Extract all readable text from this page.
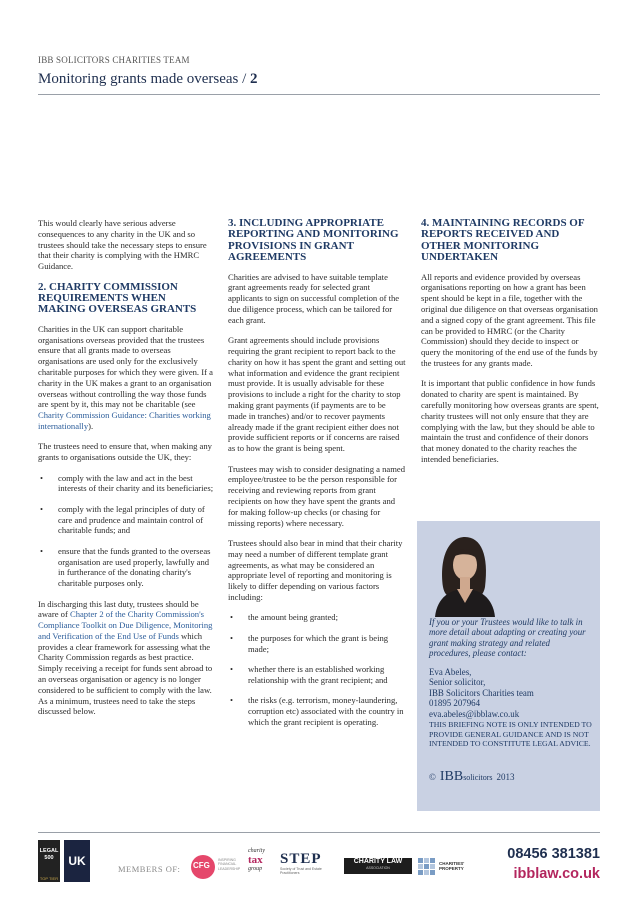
IBB SOLICITORS CHARITIES TEAM
Monitoring grants made overseas / 2

This would clearly have serious adverse consequences to any charity in the UK and so trustees should take the necessary steps to ensure that their charity is complying with the HMRC Guidance.

2. CHARITY COMMISSION REQUIREMENTS WHEN MAKING OVERSEAS GRANTS

Charities in the UK can support charitable organisations overseas provided that the trustees ensure that all grants made to overseas organisations are used only for the exclusively charitable purposes for which they were given. If a charity in the UK makes a grant to an organisation overseas without controlling the way those funds are spent by it, this may not be charitable (see Charity Commission Guidance: Charities working internationally).

The trustees need to ensure that, when making any grants to organisations outside the UK, they:

• comply with the law and act in the best interests of their charity and its beneficiaries;
• comply with the legal principles of duty of care and prudence and maintain control of charitable funds; and
• ensure that the funds granted to the overseas organisation are used properly, lawfully and in furtherance of the donating charity's charitable purposes only.

In discharging this last duty, trustees should be aware of Chapter 2 of the Charity Commission's Compliance Toolkit on Due Diligence, Monitoring and Verification of the End Use of Funds which provides a clear framework for assessing what the Charity Commission regards as best practice. Simply receiving a receipt for funds sent abroad to an overseas organisation or agency is no longer considered to be sufficient to comply with the law. As a minimum, trustees need to take the steps discussed below.

3. INCLUDING APPROPRIATE REPORTING AND MONITORING PROVISIONS IN GRANT AGREEMENTS

Charities are advised to have suitable template grant agreements ready for selected grant applicants to sign on successful completion of the due diligence process, which can be tailored for each grant.

Grant agreements should include provisions requiring the grant recipient to report back to the charity on how it has spent the grant and setting out what information and evidence the grant recipient must provide. It is usually advisable for these provisions to include a right for the charity to stop making grant payments (if payments are to be made in tranches) and/or to recover payments already made if the grant recipient either does not provide sufficient reports or if concerns are raised as to how the grant is being spent.

Trustees may wish to consider designating a named employee/trustee to be the person responsible for receiving and reviewing reports from grant recipients on how they have spent the grants and for making follow-up checks (or chasing for missing reports) where necessary.

Trustees should also bear in mind that their charity may need a number of different template grant agreements, as what may be considered an appropriate level of reporting and monitoring is likely to differ depending on various factors including:

• the amount being granted;
• the purposes for which the grant is being made;
• whether there is an established working relationship with the grant recipient; and
• the risks (e.g. terrorism, money-laundering, corruption etc) associated with the country in which the grant recipient is operating.
4. MAINTAINING RECORDS OF REPORTS RECEIVED AND OTHER MONITORING UNDERTAKEN

All reports and evidence provided by overseas organisations reporting on how a grant has been spent should be kept in a file, together with the original due diligence on that overseas organisation and a signed copy of the grant agreement. This file can be provided to HMRC (or the Charity Commission) should they decide to inspect or query the monitoring of the end use of the funds by the trustees for any grants made.

It is important that public confidence in how funds donated to charity are spent is maintained. By carefully monitoring how overseas grants are spent, charity trustees will not only ensure that they are complying with the law, but they should be able to maintain the trust and confidence of their donors that money donated to the charity reaches the intended beneficiaries.

If you or your Trustees would like to talk in more detail about adapting or creating your grant making strategy and related procedures, please contact:
Eva Abeles,
Senior solicitor,
IBB Solicitors Charities team
01895 207964
eva.abeles@ibblaw.co.uk
THIS BRIEFING NOTE IS ONLY INTENDED TO PROVIDE GENERAL GUIDANCE AND IS NOT INTENDED TO CONSTITUTE LEGAL ADVICE.
© IBBsolicitors 2013
LEGAL 500
TOP TIER
UK
MEMBERS OF: CFG
INSPIRING FINANCIAL LEADERSHIP
charity
tax
group
STEP
Society of Trust and Estate Practitioners
CHARITY LAW
ASSOCIATION
CHARITIES' PROPERTY
08456 381381
ibblaw.co.uk
